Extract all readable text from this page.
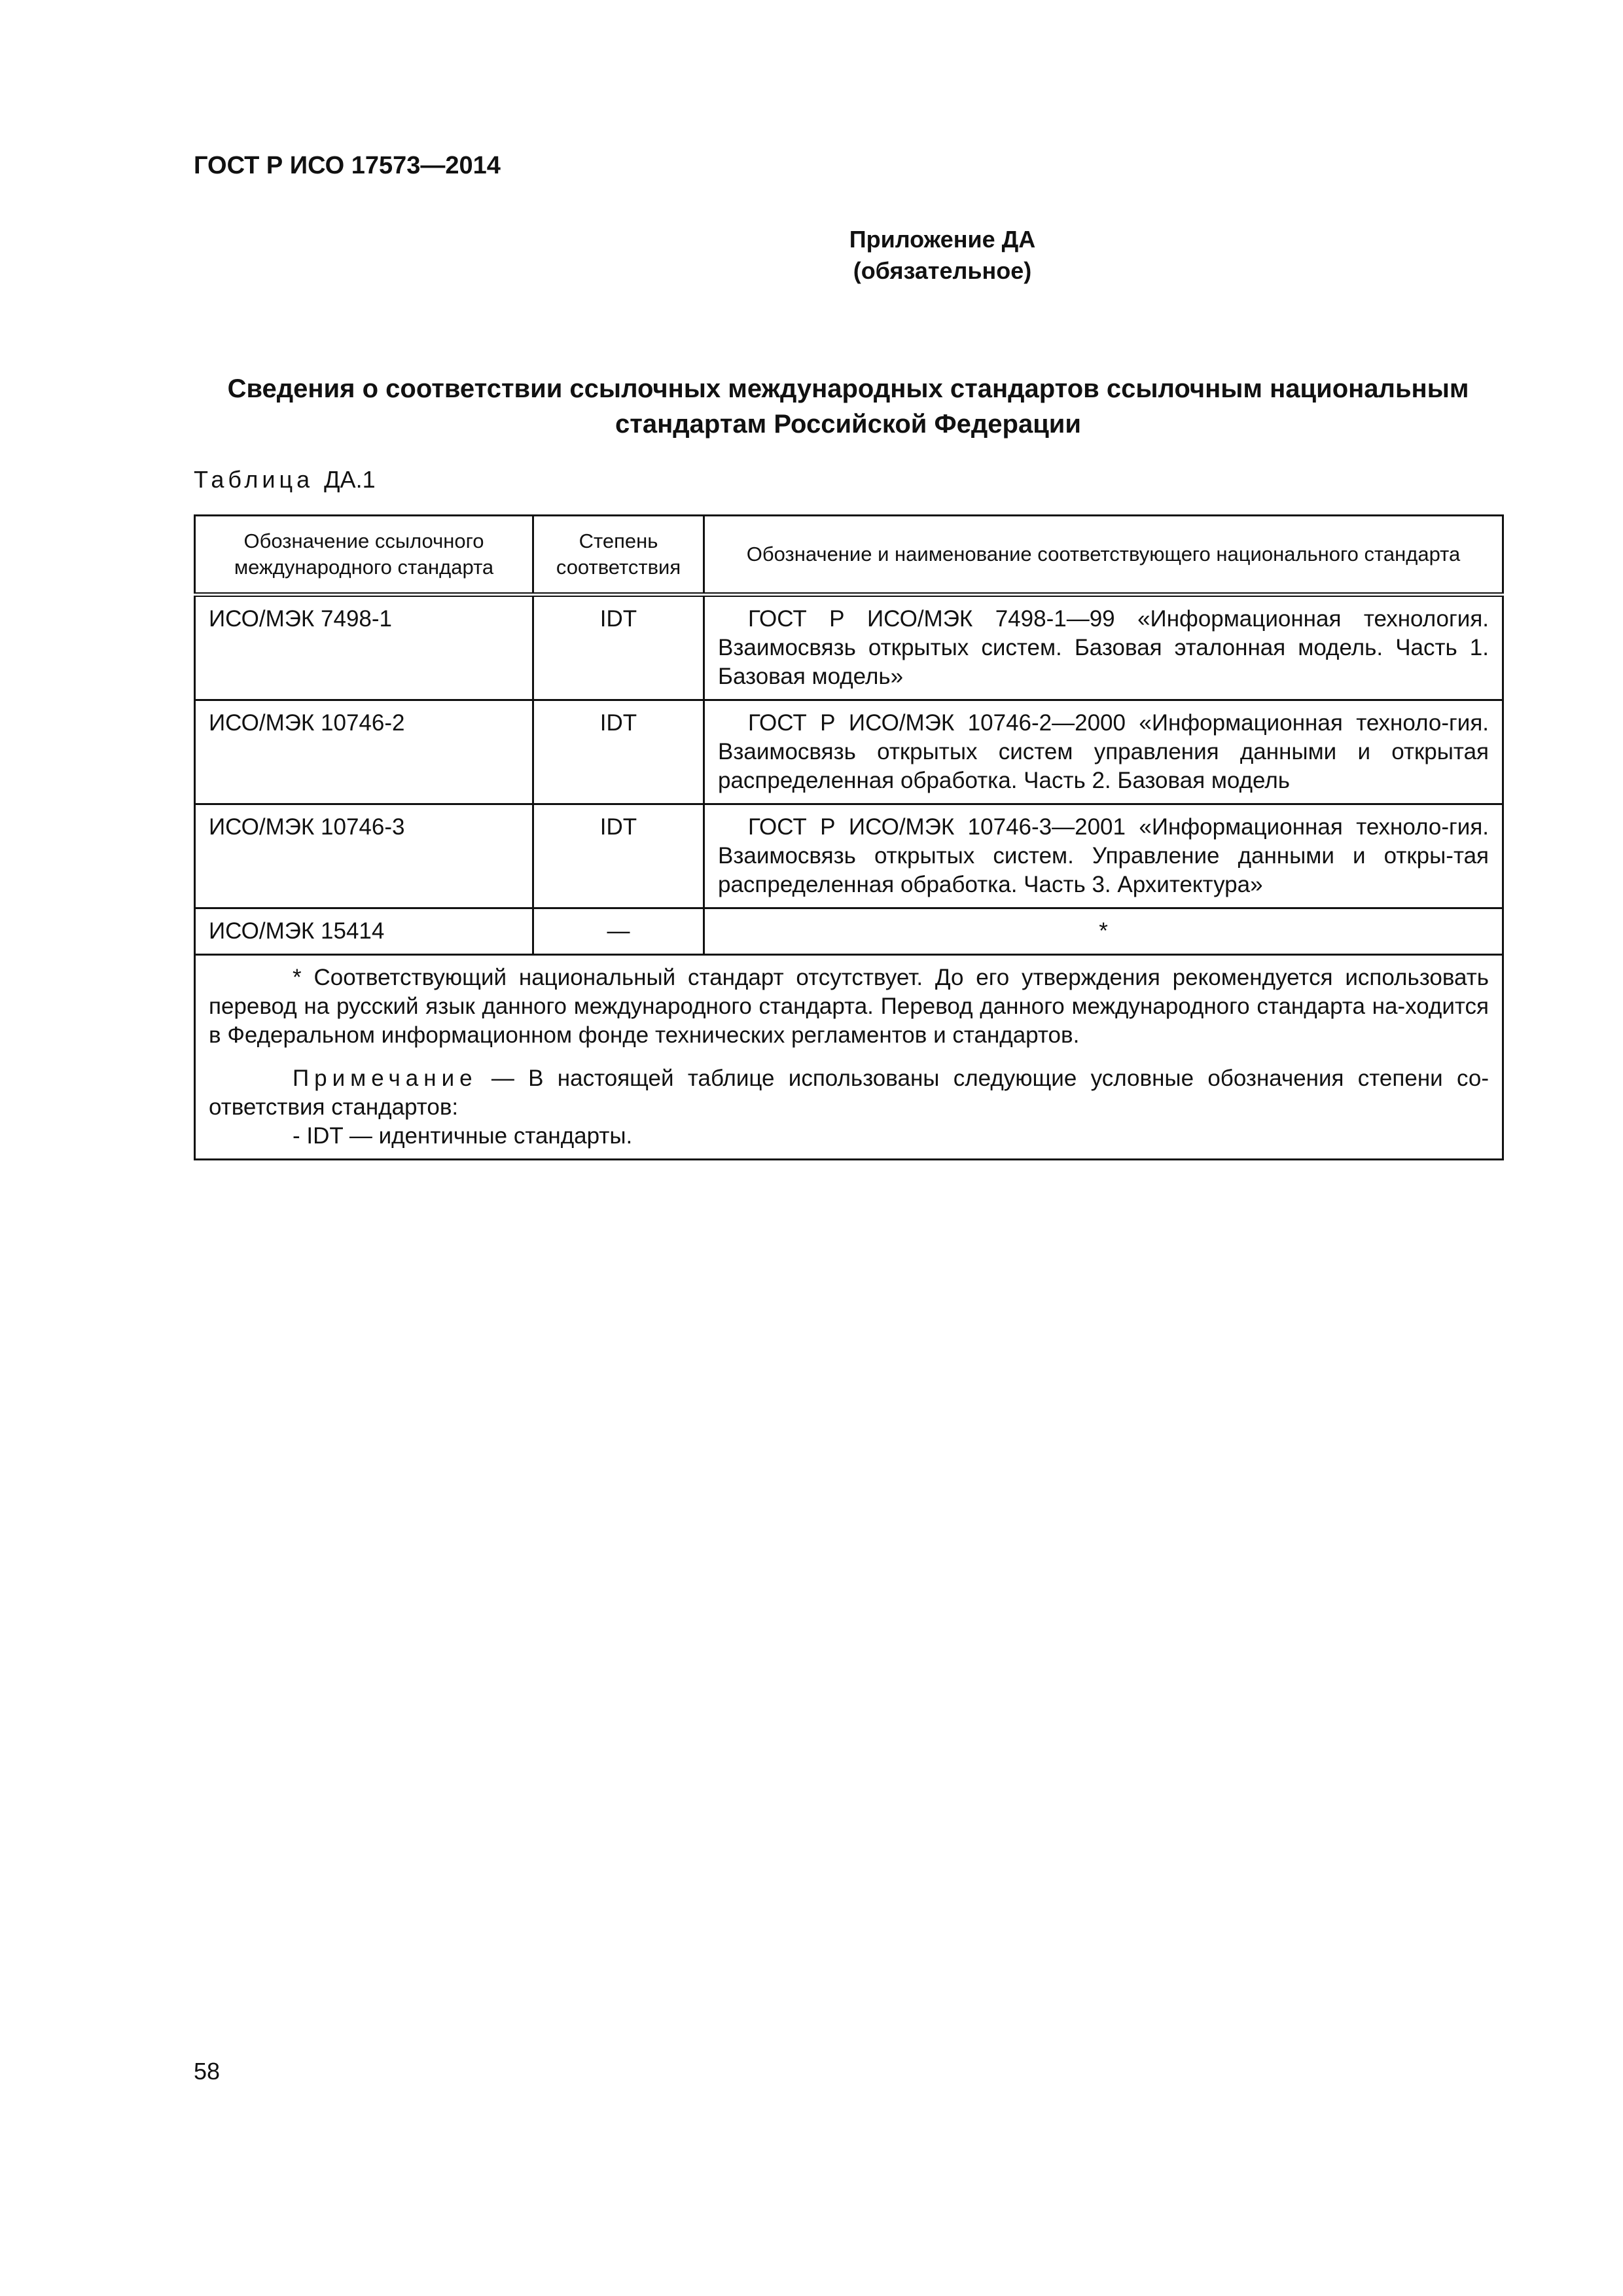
ГОСТ Р ИСО 17573—2014
Приложение ДА
(обязательное)
Сведения о соответствии ссылочных международных стандартов ссылочным национальным
стандартам Российской Федерации
Таблица ДА.1
Обозначение ссылочного международного стандарта	Степень соответствия	Обозначение и наименование соответствующего национального стандарта
ИСО/МЭК 7498-1	IDT	ГОСТ Р ИСО/МЭК 7498-1—99 «Информационная технология. Взаимосвязь открытых систем. Базовая эталонная модель. Часть 1. Базовая модель»
ИСО/МЭК 10746-2	IDT	ГОСТ Р ИСО/МЭК 10746-2—2000 «Информационная техноло-гия. Взаимосвязь открытых систем управления данными и открытая распределенная обработка. Часть 2. Базовая модель
ИСО/МЭК 10746-3	IDT	ГОСТ Р ИСО/МЭК 10746-3—2001 «Информационная техноло-гия. Взаимосвязь открытых систем. Управление данными и откры-тая распределенная обработка. Часть 3. Архитектура»
ИСО/МЭК 15414	—	*

* Соответствующий национальный стандарт отсутствует. До его утверждения рекомендуется использовать перевод на русский язык данного международного стандарта. Перевод данного международного стандарта на-ходится в Федеральном информационном фонде технических регламентов и стандартов.

Примечание — В настоящей таблице использованы следующие условные обозначения степени со-ответствия стандартов:

- IDT — идентичные стандарты.		

58
